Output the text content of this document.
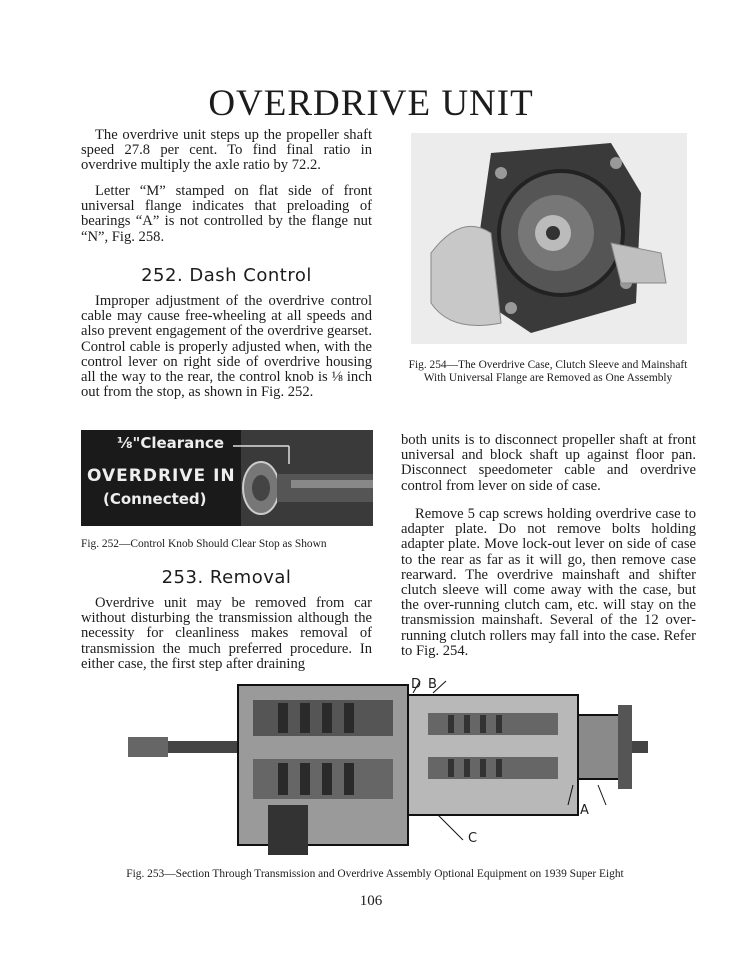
OVERDRIVE UNIT

The overdrive unit steps up the propeller shaft speed 27.8 per cent. To find final ratio in overdrive multiply the axle ratio by 72.2.

Letter “M” stamped on flat side of front universal flange indicates that preloading of bearings “A” is not controlled by the flange nut “N”, Fig. 258.

252. Dash Control

Improper adjustment of the overdrive control cable may cause free-wheeling at all speeds and also prevent engagement of the overdrive gearset. Control cable is properly adjusted when, with the control lever on right side of overdrive housing all the way to the rear, the control knob is ⅛ inch out from the stop, as shown in Fig. 252.

⅛"Clearance
OVERDRIVE IN
(Connected)
Fig. 252—Control Knob Should Clear Stop as Shown
253. Removal

Overdrive unit may be removed from car without disturbing the transmission although the necessity for cleanliness makes removal of transmission the much preferred procedure. In either case, the first step after draining

Fig. 254—The Overdrive Case, Clutch Sleeve and Mainshaft With Universal Flange are Removed as One Assembly

both units is to disconnect propeller shaft at front universal and block shaft up against floor pan. Disconnect speedometer cable and overdrive control from lever on side of case.

Remove 5 cap screws holding overdrive case to adapter plate. Do not remove bolts holding adapter plate. Move lock-out lever on side of case to the rear as far as it will go, then remove case rearward. The overdrive mainshaft and shifter clutch sleeve will come away with the case, but the over-running clutch cam, etc. will stay on the transmission mainshaft. Several of the 12 over-running clutch rollers may fall into the case. Refer to Fig. 254.

D B
A
C
Fig. 253—Section Through Transmission and Overdrive Assembly Optional Equipment on 1939 Super Eight
106
